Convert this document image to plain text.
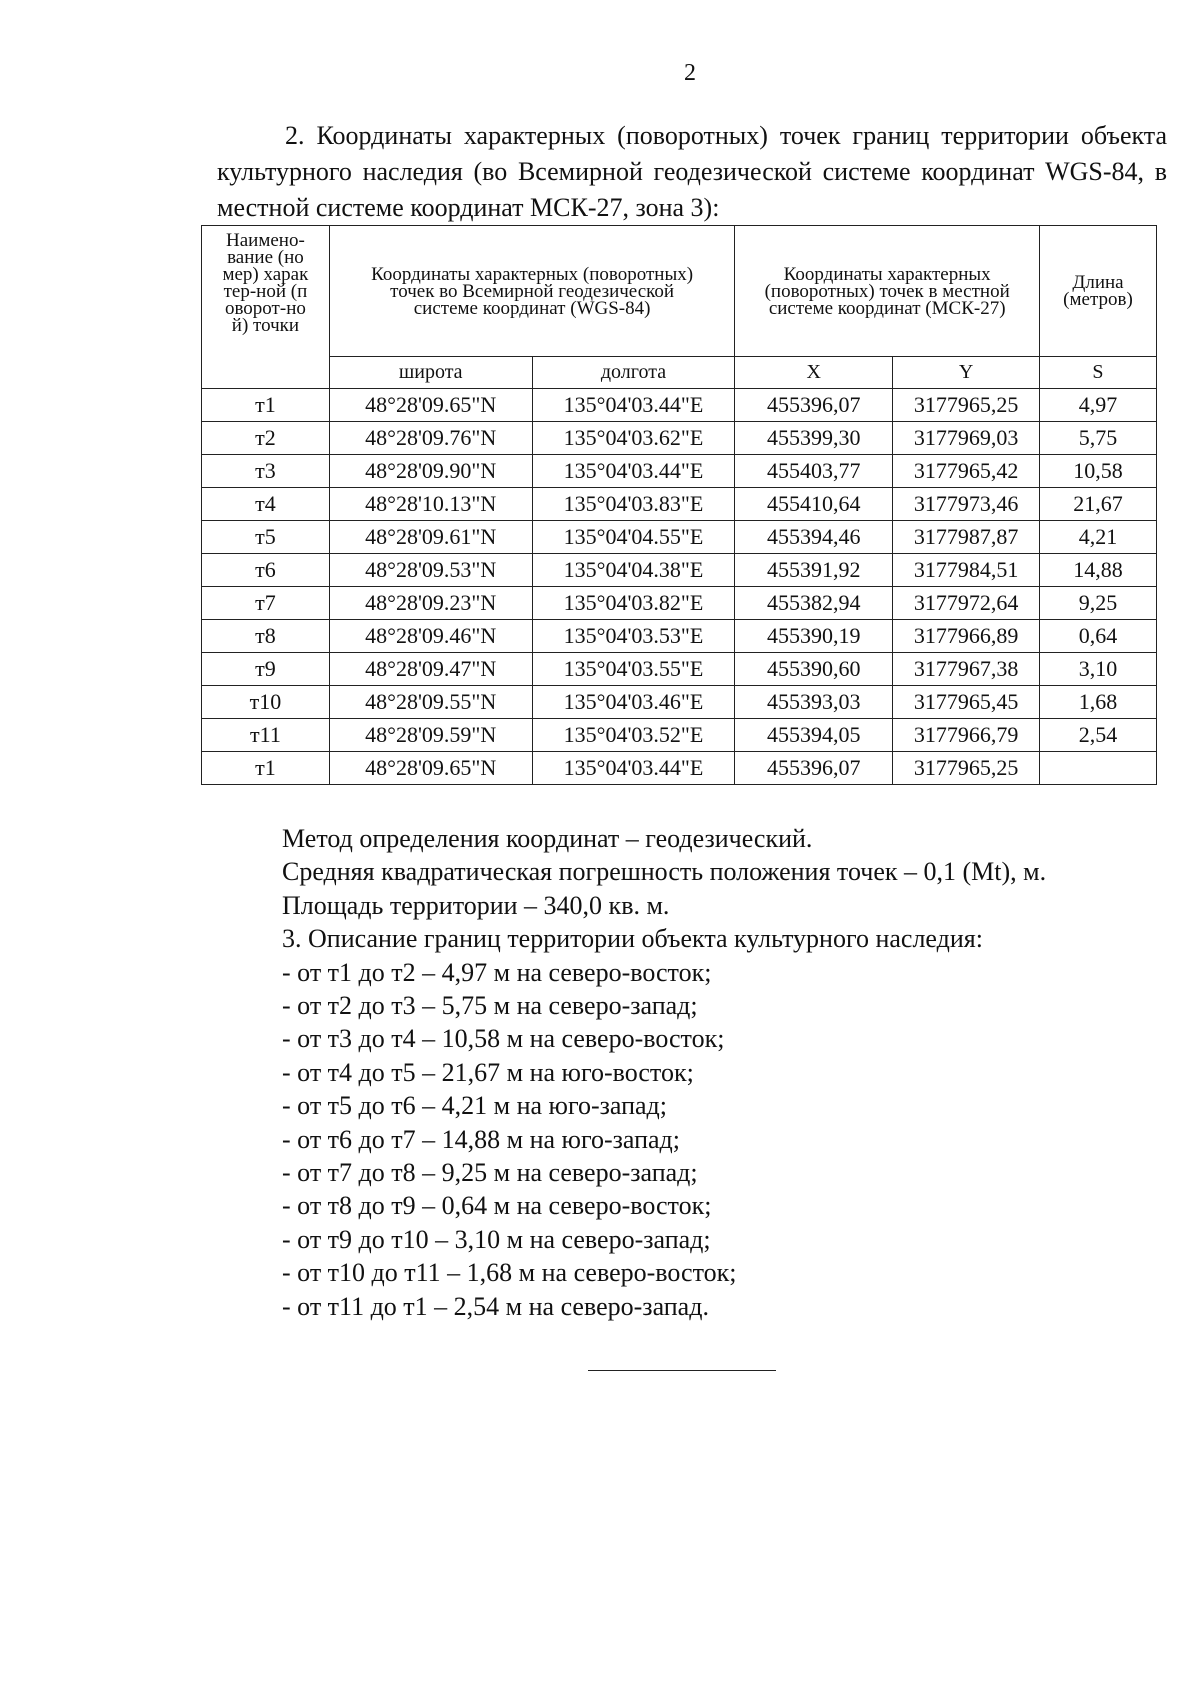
2
2. Координаты характерных (поворотных) точек границ территории объекта культурного наследия (во Всемирной геодезической системе координат WGS-84, в местной системе координат МСК-27, зона 3):
Наимено-вание (номер) характер-ной (поворот-ной) точки	Координаты характерных (поворотных) точек во Всемирной геодезической системе координат (WGS-84)		Координаты характерных (поворотных) точек в местной системе координат (МСК-27)		Длина (метров)

	широта	долгота	X	Y	S
т1	48°28'09.65"N	135°04'03.44"E	455396,07	3177965,25	4,97
т2	48°28'09.76"N	135°04'03.62"E	455399,30	3177969,03	5,75
т3	48°28'09.90"N	135°04'03.44"E	455403,77	3177965,42	10,58
т4	48°28'10.13"N	135°04'03.83"E	455410,64	3177973,46	21,67
т5	48°28'09.61"N	135°04'04.55"E	455394,46	3177987,87	4,21
т6	48°28'09.53"N	135°04'04.38"E	455391,92	3177984,51	14,88
т7	48°28'09.23"N	135°04'03.82"E	455382,94	3177972,64	9,25
т8	48°28'09.46"N	135°04'03.53"E	455390,19	3177966,89	0,64
т9	48°28'09.47"N	135°04'03.55"E	455390,60	3177967,38	3,10
т10	48°28'09.55"N	135°04'03.46"E	455393,03	3177965,45	1,68
т11	48°28'09.59"N	135°04'03.52"E	455394,05	3177966,79	2,54
т1	48°28'09.65"N	135°04'03.44"E	455396,07	3177965,25	

Метод определения координат – геодезический.

Средняя квадратическая погрешность положения точек – 0,1 (Mt), м.

Площадь территории – 340,0 кв. м.

3. Описание границ территории объекта культурного наследия:

- от т1 до т2 – 4,97 м на северо-восток;

- от т2 до т3 – 5,75 м на северо-запад;

- от т3 до т4 – 10,58 м на северо-восток;

- от т4 до т5 – 21,67 м на юго-восток;

- от т5 до т6 – 4,21 м на юго-запад;

- от т6 до т7 – 14,88 м на юго-запад;

- от т7 до т8 – 9,25 м на северо-запад;

- от т8 до т9 – 0,64 м на северо-восток;

- от т9 до т10 – 3,10 м на северо-запад;

- от т10 до т11 – 1,68 м на северо-восток;

- от т11 до т1 – 2,54 м на северо-запад.
